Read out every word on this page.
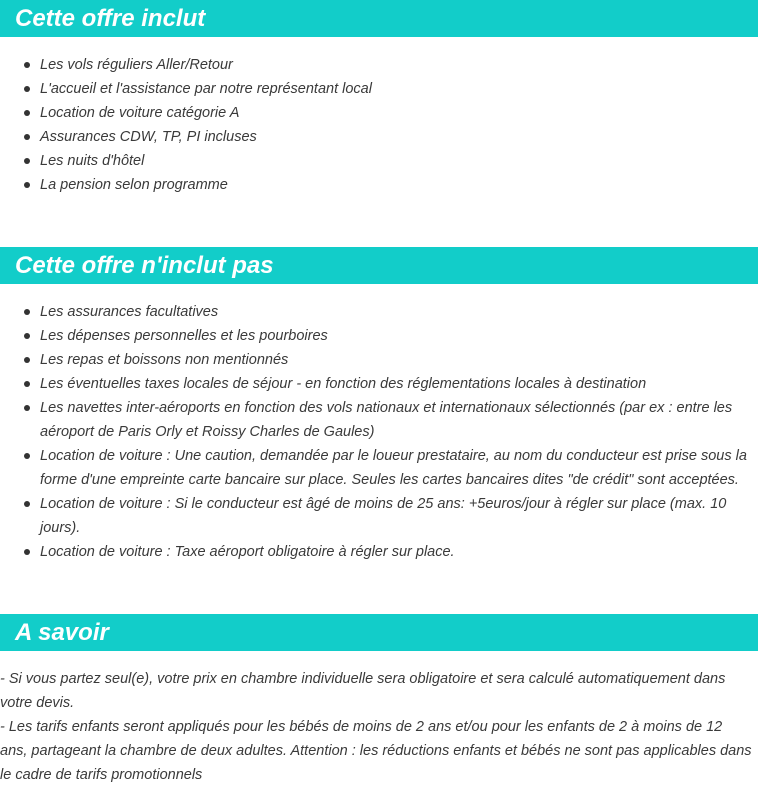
Cette offre inclut
Les vols réguliers Aller/Retour
L'accueil et l'assistance par notre représentant local
Location de voiture catégorie A
Assurances CDW, TP, PI incluses
Les nuits d'hôtel
La pension selon programme
Cette offre n'inclut pas
Les assurances facultatives
Les dépenses personnelles et les pourboires
Les repas et boissons non mentionnés
Les éventuelles taxes locales de séjour - en fonction des réglementations locales à destination
Les navettes inter-aéroports en fonction des vols nationaux et internationaux sélectionnés (par ex : entre les aéroport de Paris Orly et Roissy Charles de Gaules)
Location de voiture : Une caution, demandée par le loueur prestataire, au nom du conducteur est prise sous la forme d'une empreinte carte bancaire sur place. Seules les cartes bancaires dites "de crédit" sont acceptées.
Location de voiture : Si le conducteur est âgé de moins de 25 ans: +5euros/jour à régler sur place (max. 10 jours).
Location de voiture : Taxe aéroport obligatoire à régler sur place.
A savoir

- Si vous partez seul(e), votre prix en chambre individuelle sera obligatoire et sera calculé automatiquement dans votre devis.

- Les tarifs enfants seront appliqués pour les bébés de moins de 2 ans et/ou pour les enfants de 2 à moins de 12 ans, partageant la chambre de deux adultes. Attention : les réductions enfants et bébés ne sont pas applicables dans le cadre de tarifs promotionnels
